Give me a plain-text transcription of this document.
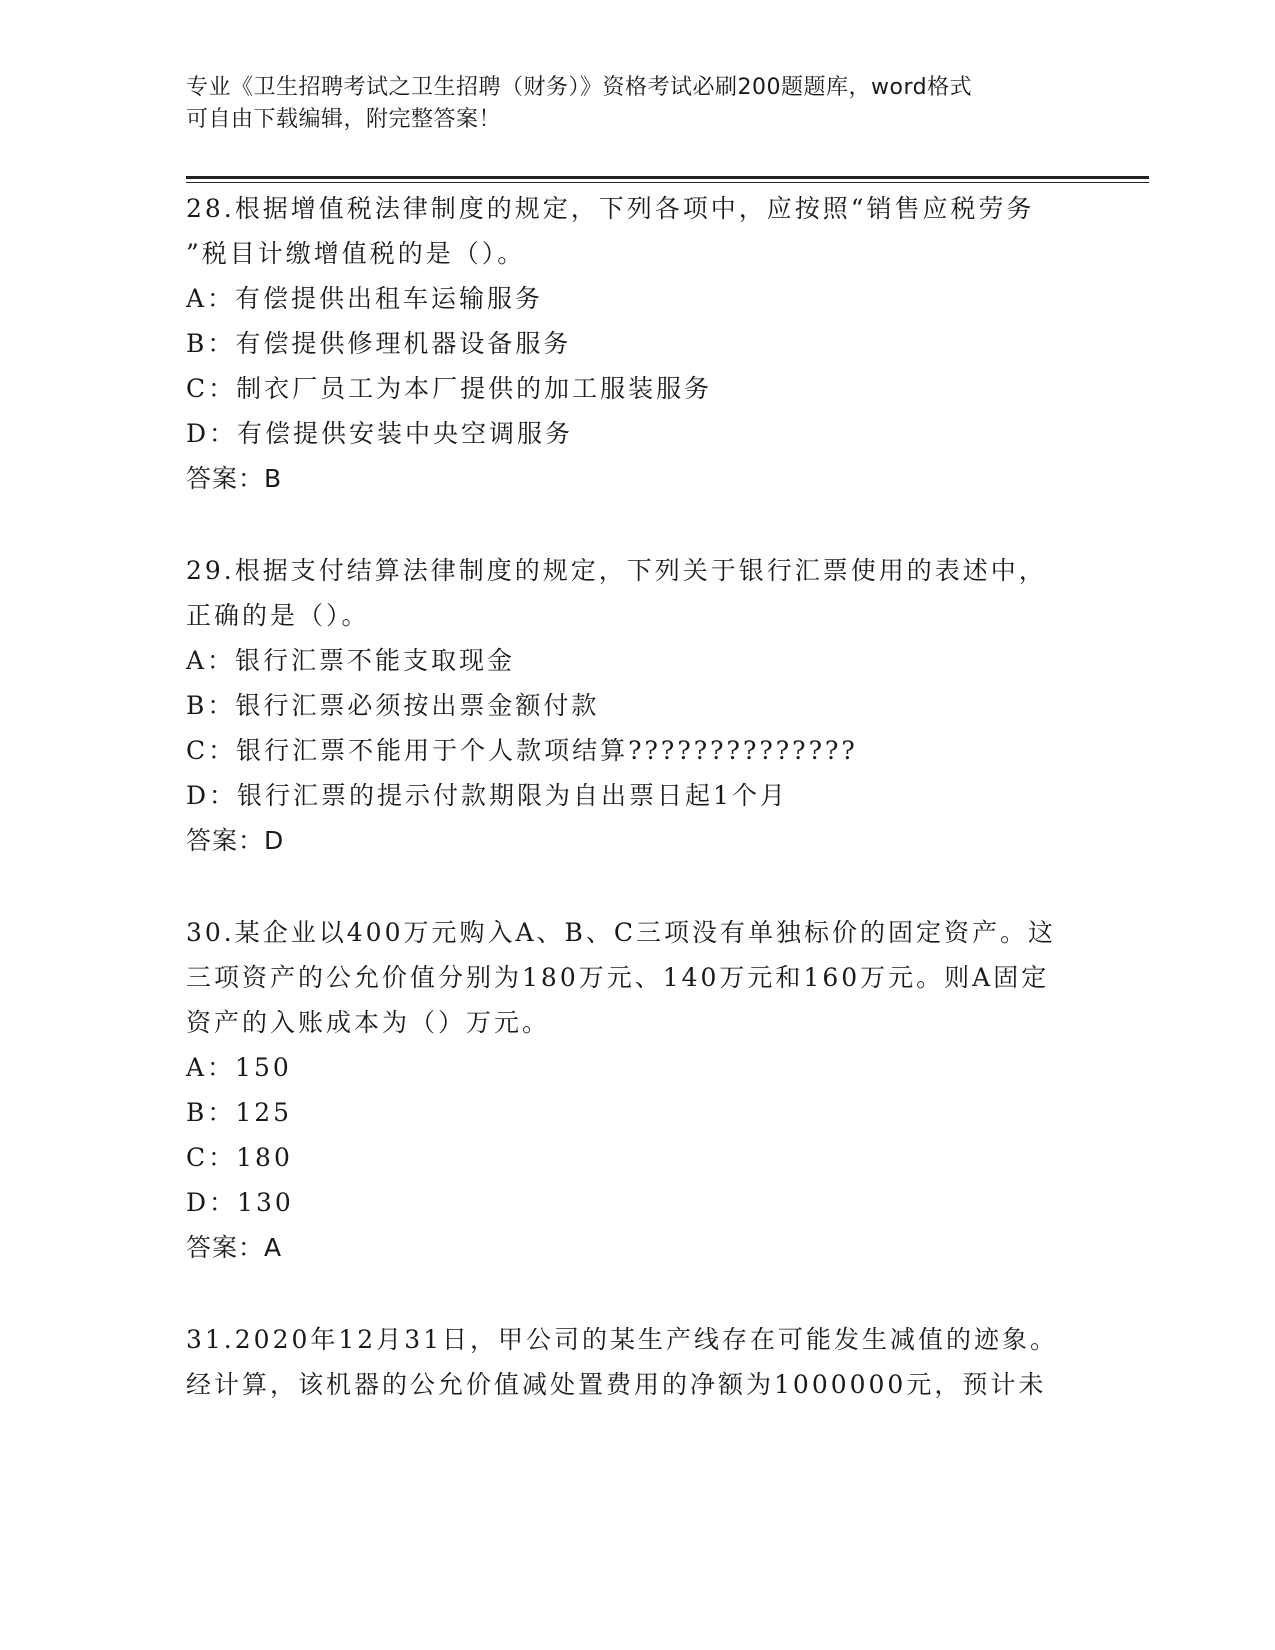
专业《卫生招聘考试之卫生招聘（财务）》资格考试必刷200题题库，word格式
可自由下载编辑，附完整答案！
28.根据增值税法律制度的规定，下列各项中，应按照“销售应税劳务
”税目计缴增值税的是（）。
A：有偿提供出租车运输服务
B：有偿提供修理机器设备服务
C：制衣厂员工为本厂提供的加工服装服务
D：有偿提供安装中央空调服务
答案：B
29.根据支付结算法律制度的规定，下列关于银行汇票使用的表述中，
正确的是（）。
A：银行汇票不能支取现金
B：银行汇票必须按出票金额付款
C：银行汇票不能用于个人款项结算??????????????
D：银行汇票的提示付款期限为自出票日起1个月
答案：D
30.某企业以400万元购入A、B、C三项没有单独标价的固定资产。这
三项资产的公允价值分别为180万元、140万元和160万元。则A固定
资产的入账成本为（）万元。
A：150
B：125
C：180
D：130
答案：A
31.2020年12月31日，甲公司的某生产线存在可能发生减值的迹象。
经计算，该机器的公允价值减处置费用的净额为1000000元，预计未
